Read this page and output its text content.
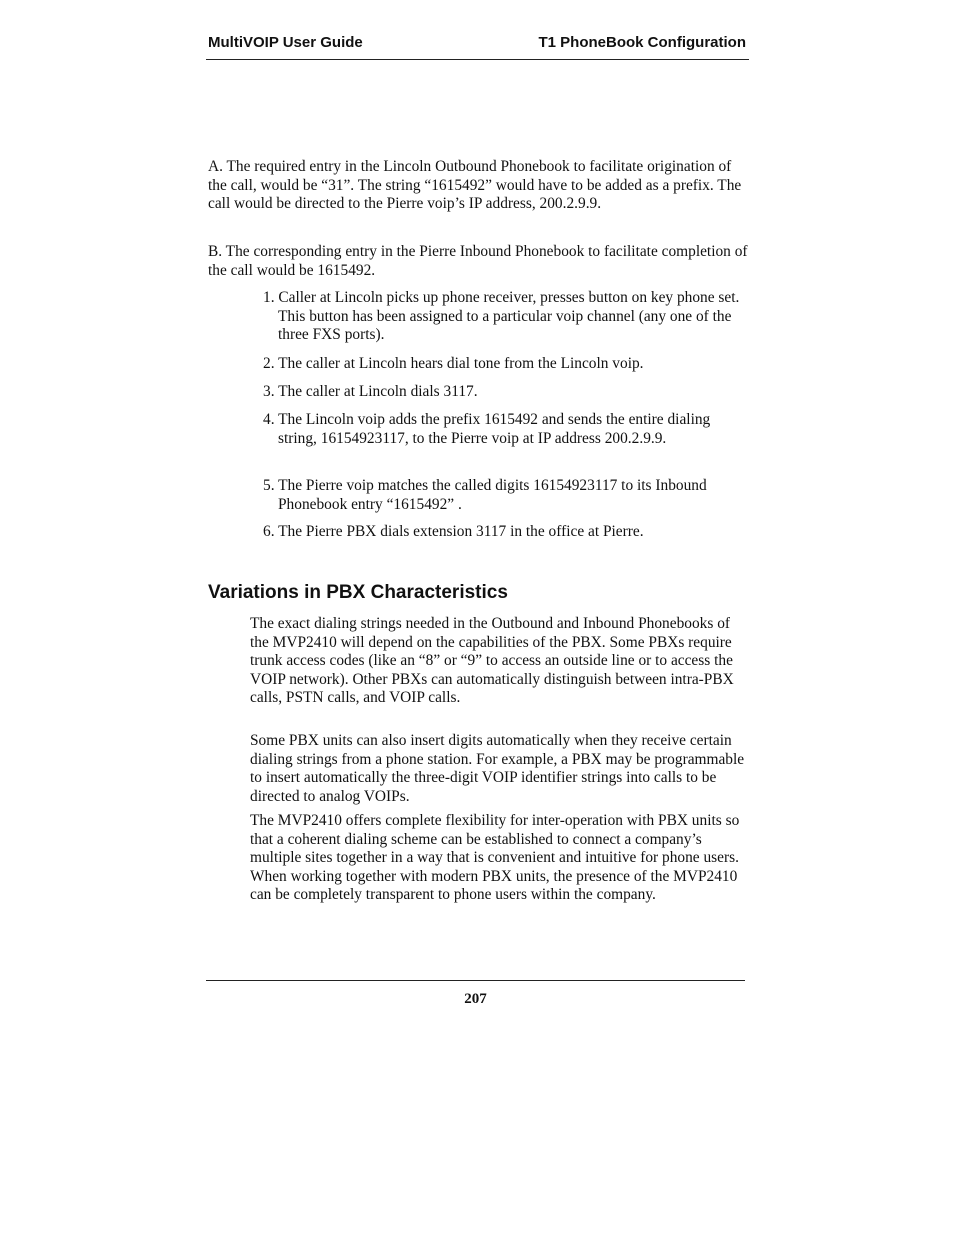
MultiVOIP User Guide	T1 PhoneBook Configuration

A. The required entry in the Lincoln Outbound Phonebook to facilitate origination of the call, would be “31”. The string “1615492” would have to be added as a prefix. The call would be directed to the Pierre voip’s IP address, 200.2.9.9.

B. The corresponding entry in the Pierre Inbound Phonebook to facilitate completion of the call would be 1615492.

1. Caller at Lincoln picks up phone receiver, presses button on key phone set. This button has been assigned to a particular voip channel (any one of the three FXS ports).

2. The caller at Lincoln hears dial tone from the Lincoln voip.

3. The caller at Lincoln dials 3117.

4. The Lincoln voip adds the prefix 1615492 and sends the entire dialing string, 16154923117, to the Pierre voip at IP address 200.2.9.9.

5. The Pierre voip matches the called digits 16154923117 to its Inbound Phonebook entry “1615492” .

6. The Pierre PBX dials extension 3117 in the office at Pierre.

Variations in PBX Characteristics

The exact dialing strings needed in the Outbound and Inbound Phonebooks of the MVP2410 will depend on the capabilities of the PBX. Some PBXs require trunk access codes (like an “8” or “9” to access an outside line or to access the VOIP network). Other PBXs can automatically distinguish between intra-PBX calls, PSTN calls, and VOIP calls.

Some PBX units can also insert digits automatically when they receive certain dialing strings from a phone station. For example, a PBX may be programmable to insert automatically the three-digit VOIP identifier strings into calls to be directed to analog VOIPs.

The MVP2410 offers complete flexibility for inter-operation with PBX units so that a coherent dialing scheme can be established to connect a company’s multiple sites together in a way that is convenient and intuitive for phone users. When working together with modern PBX units, the presence of the MVP2410 can be completely transparent to phone users within the company.

207
